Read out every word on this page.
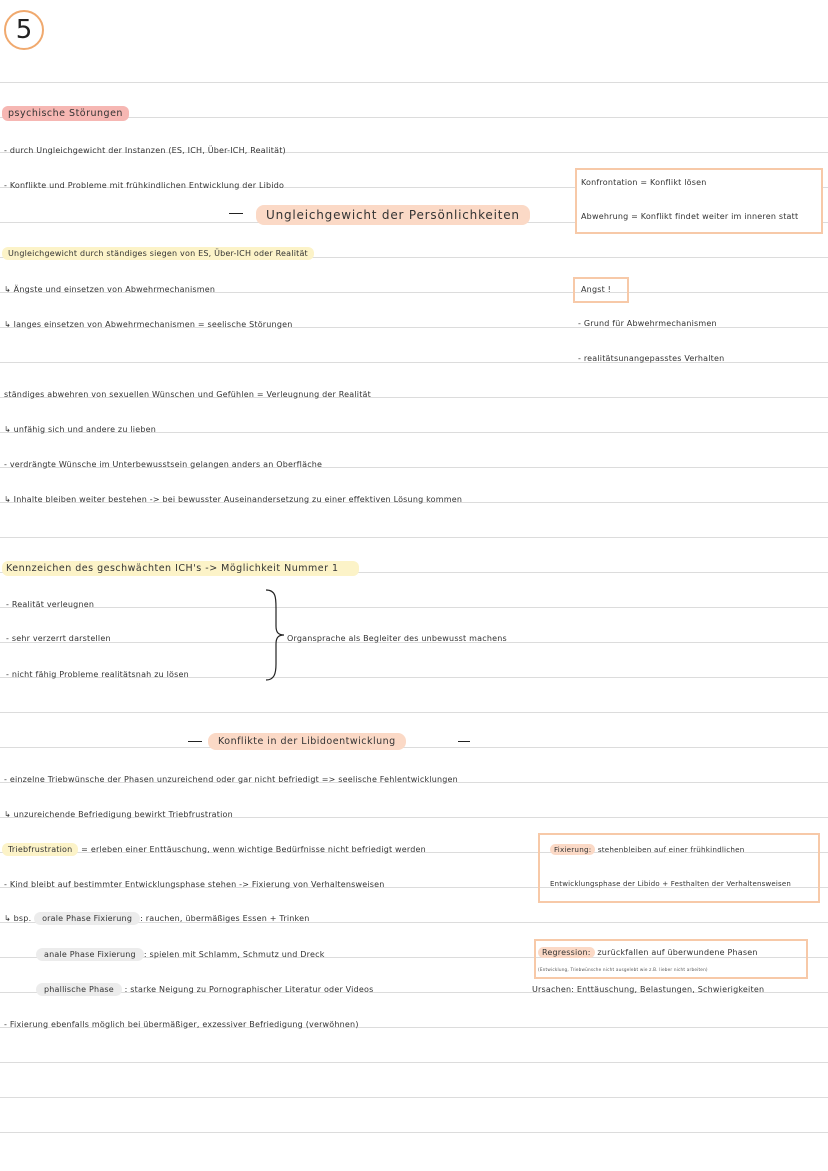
5
psychische Störungen
- durch Ungleichgewicht der Instanzen (ES, ICH, Über-ICH, Realität)
- Konflikte und Probleme mit frühkindlichen Entwicklung der Libido
Ungleichgewicht der Persönlichkeiten
Konfrontation = Konflikt lösen
Abwehrung = Konflikt findet weiter im inneren statt
Ungleichgewicht durch ständiges siegen von ES, Über-ICH oder Realität
↳ Ängste und einsetzen von Abwehrmechanismen
↳ langes einsetzen von Abwehrmechanismen = seelische Störungen
Angst !
- Grund für Abwehrmechanismen
- realitätsunangepasstes Verhalten
ständiges abwehren von sexuellen Wünschen und Gefühlen = Verleugnung der Realität
↳ unfähig sich und andere zu lieben
- verdrängte Wünsche im Unterbewusstsein gelangen anders an Oberfläche
↳ Inhalte bleiben weiter bestehen -> bei bewusster Auseinandersetzung zu einer effektiven Lösung kommen
Kennzeichen des geschwächten ICH's -> Möglichkeit Nummer 1
- Realität verleugnen
- sehr verzerrt darstellen
- nicht fähig Probleme realitätsnah zu lösen
Organsprache als Begleiter des unbewusst machens
Konflikte in der Libidoentwicklung
- einzelne Triebwünsche der Phasen unzureichend oder gar nicht befriedigt => seelische Fehlentwicklungen
↳ unzureichende Befriedigung bewirkt Triebfrustration
Triebfrustration = erleben einer Enttäuschung, wenn wichtige Bedürfnisse nicht befriedigt werden
- Kind bleibt auf bestimmter Entwicklungsphase stehen -> Fixierung von Verhaltensweisen
↳ bsp. orale Phase Fixierung : rauchen, übermäßiges Essen + Trinken
anale Phase Fixierung : spielen mit Schlamm, Schmutz und Dreck
phallische Phase : starke Neigung zu Pornographischer Literatur oder Videos
- Fixierung ebenfalls möglich bei übermäßiger, exzessiver Befriedigung (verwöhnen)
Fixierung: stehenbleiben auf einer frühkindlichen
Entwicklungsphase der Libido + Festhalten der Verhaltensweisen
Regression: zurückfallen auf überwundene Phasen
(Entwicklung, Triebwünsche nicht ausgelebt wie z.B. lieber nicht arbeiten)
Ursachen: Enttäuschung, Belastungen, Schwierigkeiten
